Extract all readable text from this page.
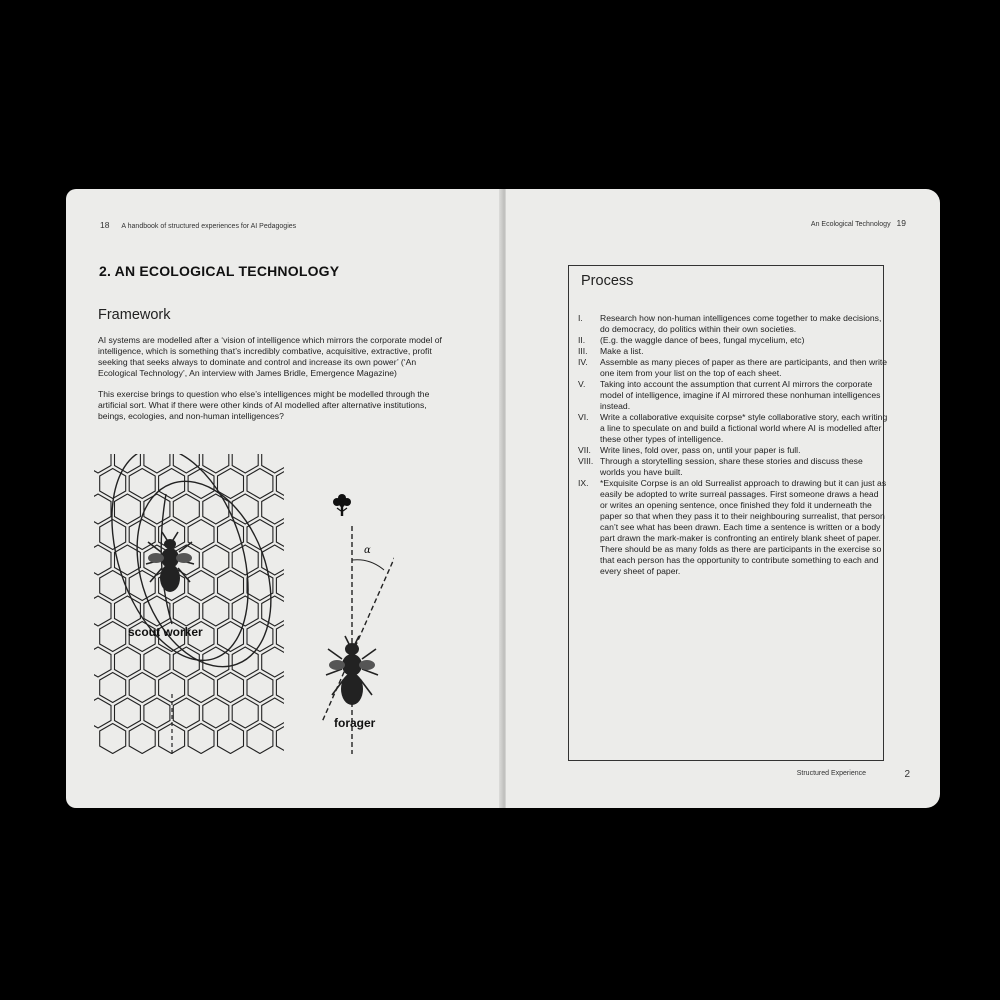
18 A handbook of structured experiences for AI Pedagogies
2. AN ECOLOGICAL TECHNOLOGY
Framework

AI systems are modelled after a ‘vision of intelligence which mirrors the corporate model of intelligence, which is something that’s incredibly combative, acquisitive, extractive, profit seeking that seeks always to dominate and control and increase its own power’ (‘An Ecological Technology’, An interview with James Bridle, Emergence Magazine)

This exercise brings to question who else’s intelligences might be modelled through the artificial sort. What if there were other kinds of AI modelled after alternative institutions, beings, ecologies, and non-human intelligences?

scout worker
α
forager
An Ecological Technology 19
Process
I.	Research how non-human intelligences come together to make decisions, do democracy, do politics within their own societies.
II.	(E.g. the waggle dance of bees, fungal mycelium, etc)
III.	Make a list.
IV.	Assemble as many pieces of paper as there are participants, and then write one item from your list on the top of each sheet.
V.	Taking into account the assumption that current AI mirrors the corporate model of intelligence, imagine if AI mirrored these nonhuman intelligences instead.
VI.	Write a collaborative exquisite corpse* style collaborative story, each writing a line to speculate on and build a fictional world where AI is modelled after these other types of intelligence.
VII.	Write lines, fold over, pass on, until your paper is full.
VIII. Through a storytelling session, share these stories and discuss these worlds you have built.
IX.	*Exquisite Corpse is an old Surrealist approach to drawing but it can just as easily be adopted to write surreal passages. First someone draws a head or writes an opening sentence, once finished they fold it underneath the paper so that when they pass it to their neighbouring surrealist, that person can’t see what has been drawn. Each time a sentence is written or a body part drawn the mark-maker is confronting an entirely blank sheet of paper. There should be as many folds as there are participants in the exercise so that each person has the opportunity to contribute something to each and every sheet of paper.
Structured Experience	2
